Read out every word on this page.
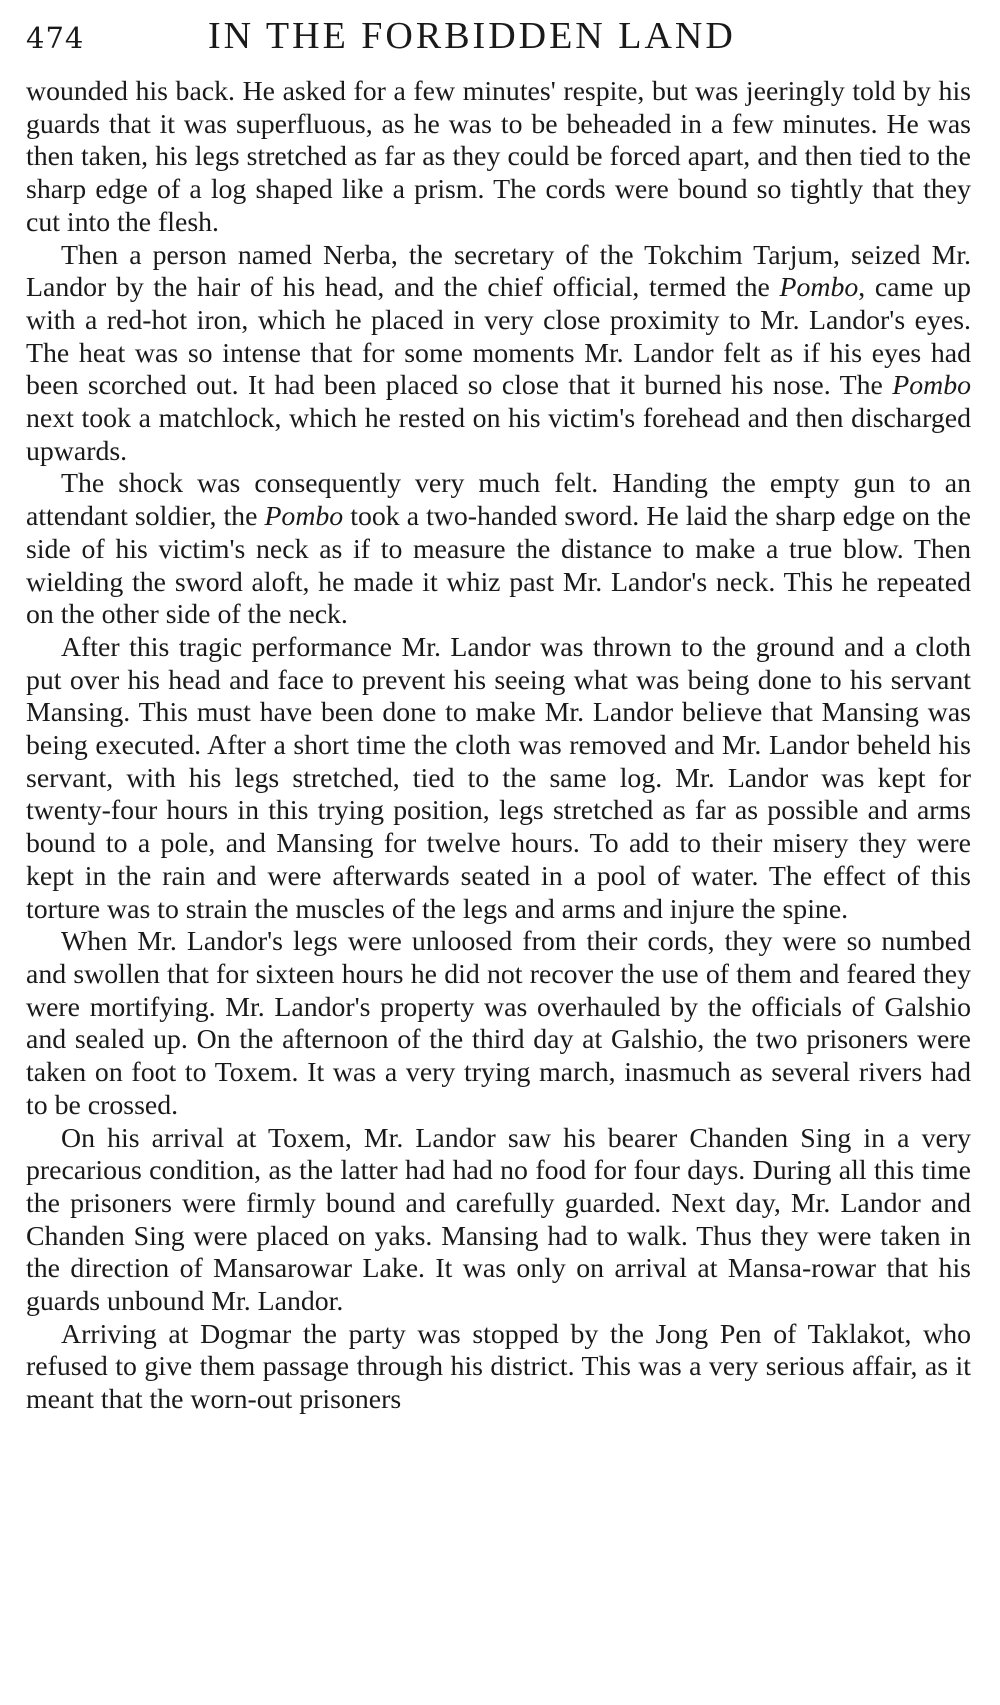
474	IN THE FORBIDDEN LAND

wounded his back. He asked for a few minutes' respite, but was jeeringly told by his guards that it was superfluous, as he was to be beheaded in a few minutes. He was then taken, his legs stretched as far as they could be forced apart, and then tied to the sharp edge of a log shaped like a prism. The cords were bound so tightly that they cut into the flesh.

Then a person named Nerba, the secretary of the Tokchim Tarjum, seized Mr. Landor by the hair of his head, and the chief official, termed the Pombo, came up with a red-hot iron, which he placed in very close proximity to Mr. Landor's eyes. The heat was so intense that for some moments Mr. Landor felt as if his eyes had been scorched out. It had been placed so close that it burned his nose. The Pombo next took a matchlock, which he rested on his victim's forehead and then discharged upwards.

The shock was consequently very much felt. Handing the empty gun to an attendant soldier, the Pombo took a two-handed sword. He laid the sharp edge on the side of his victim's neck as if to measure the distance to make a true blow. Then wielding the sword aloft, he made it whiz past Mr. Landor's neck. This he repeated on the other side of the neck.

After this tragic performance Mr. Landor was thrown to the ground and a cloth put over his head and face to prevent his seeing what was being done to his servant Mansing. This must have been done to make Mr. Landor believe that Mansing was being executed. After a short time the cloth was removed and Mr. Landor beheld his servant, with his legs stretched, tied to the same log. Mr. Landor was kept for twenty-four hours in this trying position, legs stretched as far as possible and arms bound to a pole, and Mansing for twelve hours. To add to their misery they were kept in the rain and were afterwards seated in a pool of water. The effect of this torture was to strain the muscles of the legs and arms and injure the spine.

When Mr. Landor's legs were unloosed from their cords, they were so numbed and swollen that for sixteen hours he did not recover the use of them and feared they were mortifying. Mr. Landor's property was overhauled by the officials of Galshio and sealed up. On the afternoon of the third day at Galshio, the two prisoners were taken on foot to Toxem. It was a very trying march, inasmuch as several rivers had to be crossed.

On his arrival at Toxem, Mr. Landor saw his bearer Chanden Sing in a very precarious condition, as the latter had had no food for four days. During all this time the prisoners were firmly bound and carefully guarded. Next day, Mr. Landor and Chanden Sing were placed on yaks. Mansing had to walk. Thus they were taken in the direction of Mansarowar Lake. It was only on arrival at Mansa-rowar that his guards unbound Mr. Landor.

Arriving at Dogmar the party was stopped by the Jong Pen of Taklakot, who refused to give them passage through his district. This was a very serious affair, as it meant that the worn-out prisoners
